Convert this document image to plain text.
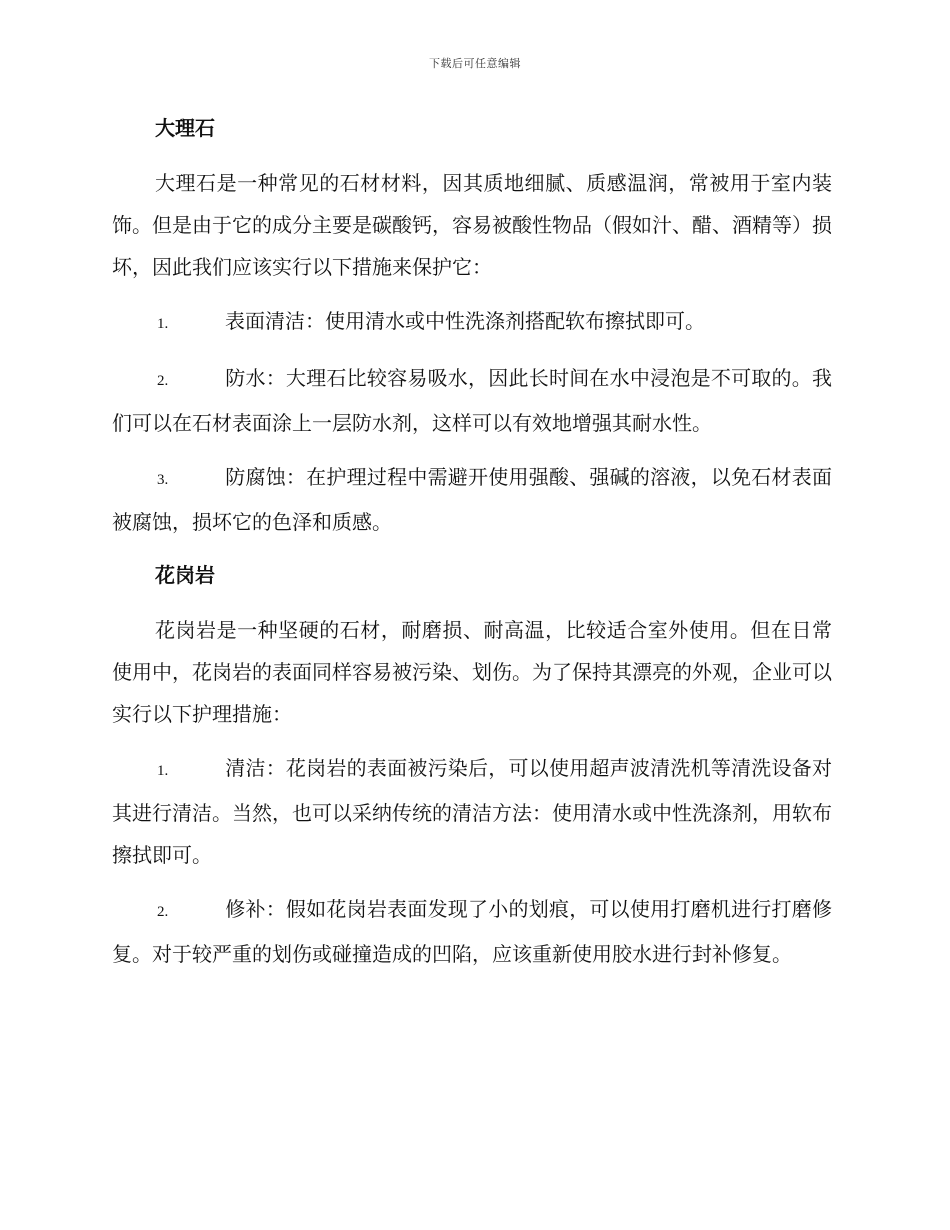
下载后可任意编辑
大理石

大理石是一种常见的石材材料，因其质地细腻、质感温润，常被用于室内装饰。但是由于它的成分主要是碳酸钙，容易被酸性物品（假如汁、醋、酒精等）损坏，因此我们应该实行以下措施来保护它：

1.	表面清洁：使用清水或中性洗涤剂搭配软布擦拭即可。

2.	防水：大理石比较容易吸水，因此长时间在水中浸泡是不可取的。我们可以在石材表面涂上一层防水剂，这样可以有效地增强其耐水性。

3.	防腐蚀：在护理过程中需避开使用强酸、强碱的溶液，以免石材表面被腐蚀，损坏它的色泽和质感。

花岗岩

花岗岩是一种坚硬的石材，耐磨损、耐高温，比较适合室外使用。但在日常使用中，花岗岩的表面同样容易被污染、划伤。为了保持其漂亮的外观，企业可以实行以下护理措施：

1.	清洁：花岗岩的表面被污染后，可以使用超声波清洗机等清洗设备对其进行清洁。当然，也可以采纳传统的清洁方法：使用清水或中性洗涤剂，用软布擦拭即可。

2.	修补：假如花岗岩表面发现了小的划痕，可以使用打磨机进行打磨修复。对于较严重的划伤或碰撞造成的凹陷，应该重新使用胶水进行封补修复。
